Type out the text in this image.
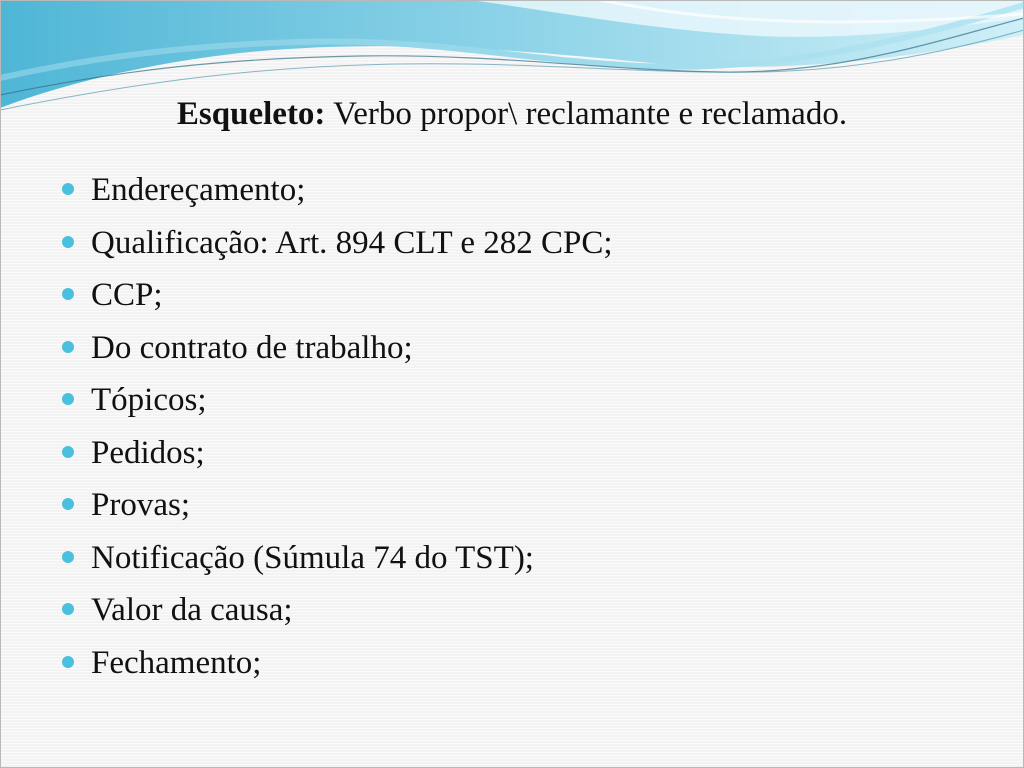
Esqueleto: Verbo propor\ reclamante e reclamado.
Endereçamento;
Qualificação: Art. 894 CLT e 282 CPC;
CCP;
Do contrato de trabalho;
Tópicos;
Pedidos;
Provas;
Notificação (Súmula 74 do TST);
Valor da causa;
Fechamento;
